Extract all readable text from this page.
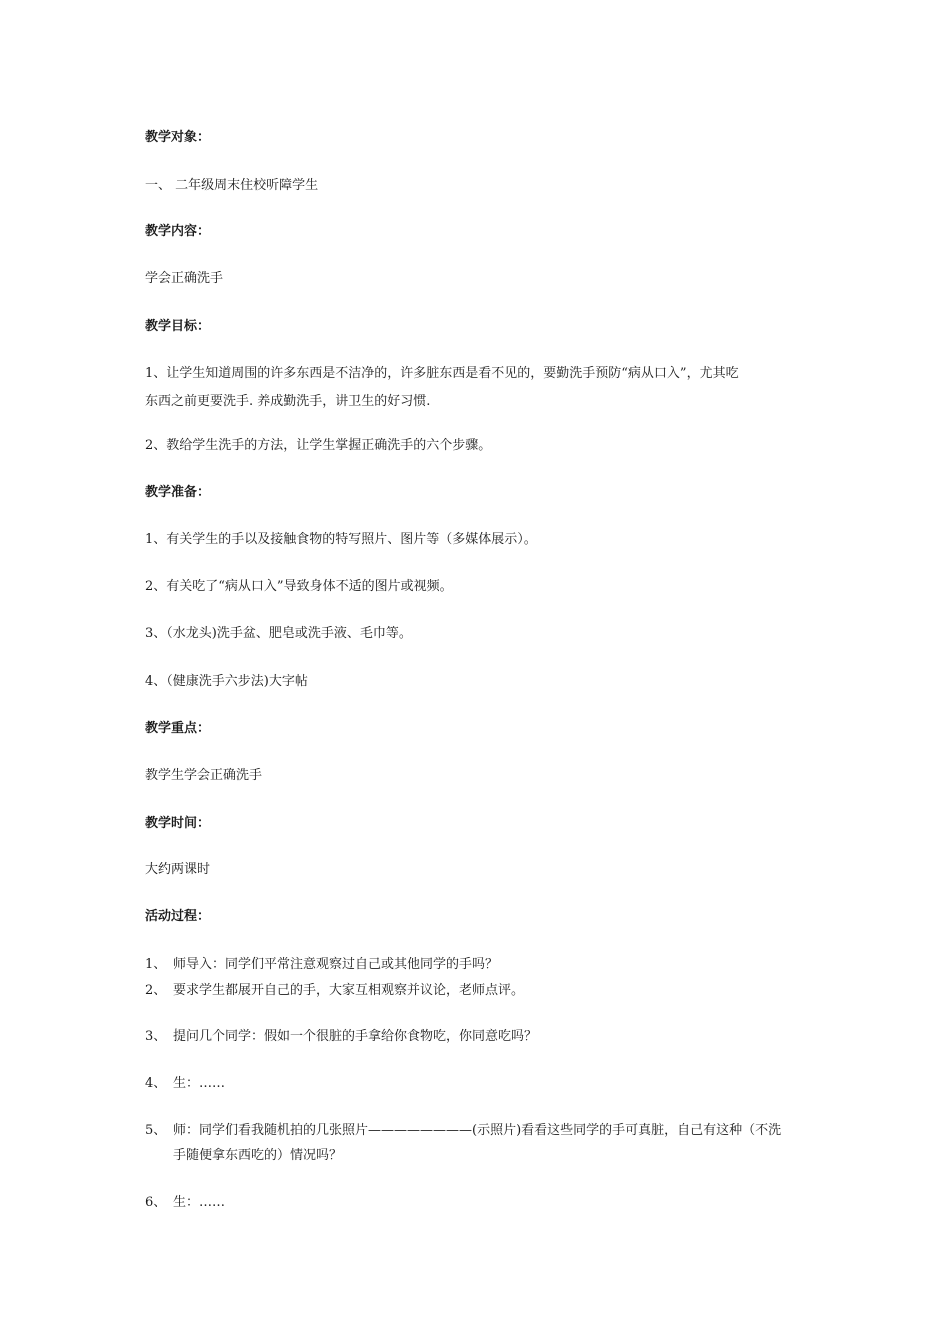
教学对象：
一、 二年级周末住校听障学生
教学内容：
学会正确洗手
教学目标：
1、让学生知道周围的许多东西是不洁净的，许多脏东西是看不见的，要勤洗手预防“病从口入”，尤其吃
东西之前更要洗手. 养成勤洗手，讲卫生的好习惯.
2、教给学生洗手的方法，让学生掌握正确洗手的六个步骤。
教学准备：
1、有关学生的手以及接触食物的特写照片、图片等（多媒体展示）。
2、有关吃了“病从口入”导致身体不适的图片或视频。
3、（水龙头)洗手盆、肥皂或洗手液、毛巾等。
4、（健康洗手六步法)大字帖
教学重点：
教学生学会正确洗手
教学时间：
大约两课时
活动过程：
1、 师导入：同学们平常注意观察过自己或其他同学的手吗？
2、 要求学生都展开自己的手，大家互相观察并议论，老师点评。
3、 提问几个同学：假如一个很脏的手拿给你食物吃，你同意吃吗？
4、 生：……
5、 师：同学们看我随机拍的几张照片————————(示照片)看看这些同学的手可真脏，自己有这种（不洗
手随便拿东西吃的）情况吗？
6、 生：……
